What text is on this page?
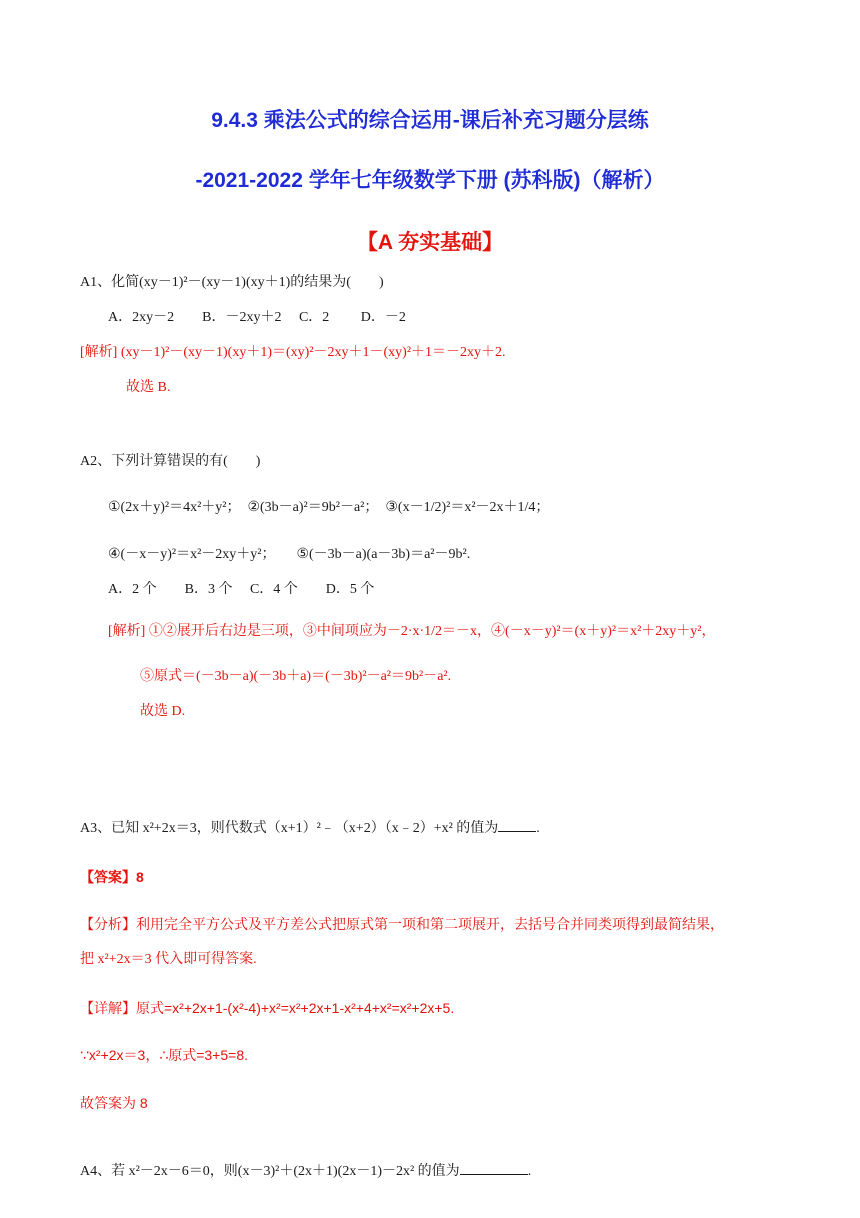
9.4.3 乘法公式的综合运用-课后补充习题分层练
-2021-2022 学年七年级数学下册 (苏科版)（解析）
【A 夯实基础】
A1、化简(xy－1)²－(xy－1)(xy＋1)的结果为(　　)
A．2xy－2　　B．－2xy＋2　 C．2　　 D．－2
[解析] (xy－1)²－(xy－1)(xy＋1)＝(xy)²－2xy＋1－(xy)²＋1＝－2xy＋2.
故选 B.
A2、下列计算错误的有(　　)
①(2x＋y)²＝4x²＋y²；　②(3b－a)²＝9b²－a²；　③(x－1/2)²＝x²－2x＋1/4；
④(－x－y)²＝x²－2xy＋y²；　　⑤(－3b－a)(a－3b)＝a²－9b².
A．2 个　　B．3 个　 C．4 个　　D．5 个
[解析] ①②展开后右边是三项，③中间项应为－2·x·1/2＝－x，④(－x－y)²＝(x＋y)²＝x²＋2xy＋y²，
⑤原式＝(－3b－a)(－3b＋a)＝(－3b)²－a²＝9b²－a².
故选 D.
A3、已知 x²+2x＝3，则代数式（x+1）²﹣（x+2）（x﹣2）+x² 的值为	.
【答案】8
【分析】利用完全平方公式及平方差公式把原式第一项和第二项展开，去括号合并同类项得到最简结果，
把 x²+2x＝3 代入即可得答案.
【详解】原式=x²+2x+1-(x²-4)+x²=x²+2x+1-x²+4+x²=x²+2x+5.
∵x²+2x＝3，∴原式=3+5=8.
故答案为 8
A4、若 x²－2x－6＝0，则(x－3)²＋(2x＋1)(2x－1)－2x² 的值为	.
